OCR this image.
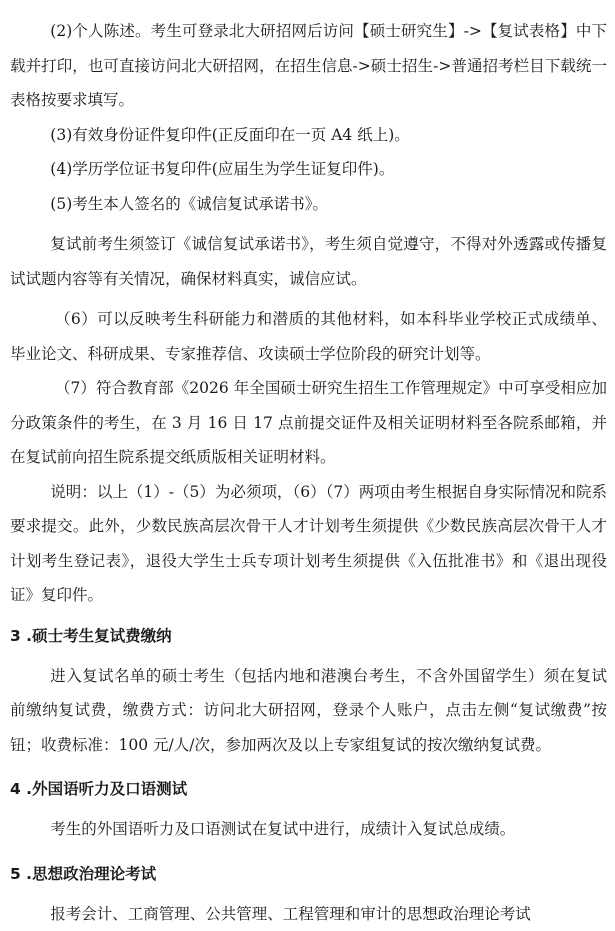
(2)个人陈述。考生可登录北大研招网后访问【硕士研究生】->【复试表格】中下载并打印，也可直接访问北大研招网，在招生信息->硕士招生->普通招考栏目下载统一表格按要求填写。

(3)有效身份证件复印件(正反面印在一页 A4 纸上)。

(4)学历学位证书复印件(应届生为学生证复印件)。

(5)考生本人签名的《诚信复试承诺书》。

复试前考生须签订《诚信复试承诺书》，考生须自觉遵守，不得对外透露或传播复试试题内容等有关情况，确保材料真实，诚信应试。

（6）可以反映考生科研能力和潜质的其他材料，如本科毕业学校正式成绩单、毕业论文、科研成果、专家推荐信、攻读硕士学位阶段的研究计划等。

（7）符合教育部《2026 年全国硕士研究生招生工作管理规定》中可享受相应加分政策条件的考生，在 3 月 16 日 17 点前提交证件及相关证明材料至各院系邮箱，并在复试前向招生院系提交纸质版相关证明材料。

说明：以上（1）-（5）为必须项，（6）（7）两项由考生根据自身实际情况和院系要求提交。此外，少数民族高层次骨干人才计划考生须提供《少数民族高层次骨干人才计划考生登记表》，退役大学生士兵专项计划考生须提供《入伍批准书》和《退出现役证》复印件。

3 .硕士考生复试费缴纳

进入复试名单的硕士考生（包括内地和港澳台考生，不含外国留学生）须在复试前缴纳复试费，缴费方式：访问北大研招网，登录个人账户，点击左侧“复试缴费”按钮；收费标准：100 元/人/次，参加两次及以上专家组复试的按次缴纳复试费。

4 .外国语听力及口语测试

考生的外国语听力及口语测试在复试中进行，成绩计入复试总成绩。

5 .思想政治理论考试

报考会计、工商管理、公共管理、工程管理和审计的思想政治理论考试
